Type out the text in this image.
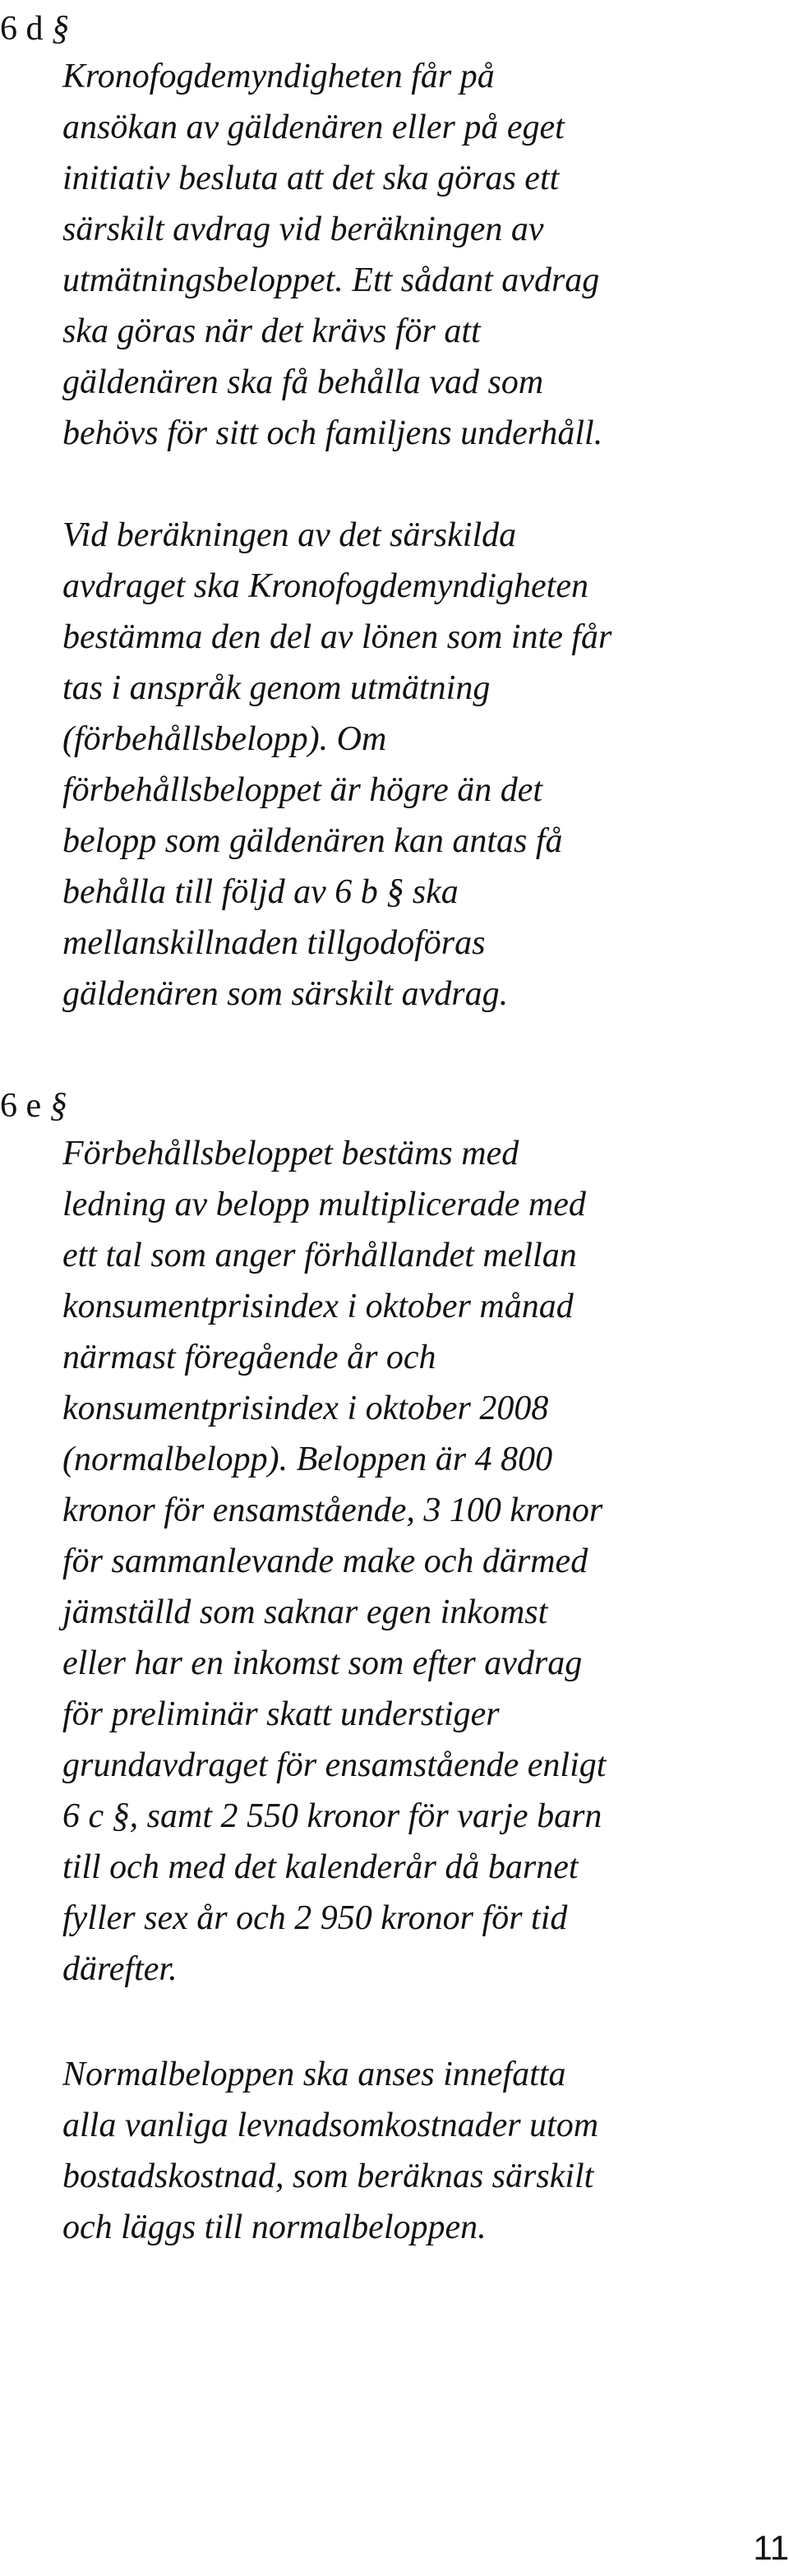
6 d §

Kronofogdemyndigheten får på
ansökan av gäldenären eller på eget
initiativ besluta att det ska göras ett
särskilt avdrag vid beräkningen av
utmätningsbeloppet. Ett sådant avdrag
ska göras när det krävs för att
gäldenären ska få behålla vad som
behövs för sitt och familjens underhåll.

Vid beräkningen av det särskilda
avdraget ska Kronofogdemyndigheten
bestämma den del av lönen som inte får
tas i anspråk genom utmätning
(förbehållsbelopp). Om
förbehållsbeloppet är högre än det
belopp som gäldenären kan antas få
behålla till följd av 6 b § ska
mellanskillnaden tillgodoföras
gäldenären som särskilt avdrag.

6 e §

Förbehållsbeloppet bestäms med
ledning av belopp multiplicerade med
ett tal som anger förhållandet mellan
konsumentprisindex i oktober månad
närmast föregående år och
konsumentprisindex i oktober 2008
(normalbelopp). Beloppen är 4 800
kronor för ensamstående, 3 100 kronor
för sammanlevande make och därmed
jämställd som saknar egen inkomst
eller har en inkomst som efter avdrag
för preliminär skatt understiger
grundavdraget för ensamstående enligt
6 c §, samt 2 550 kronor för varje barn
till och med det kalenderår då barnet
fyller sex år och 2 950 kronor för tid
därefter.

Normalbeloppen ska anses innefatta
alla vanliga levnadsomkostnader utom
bostadskostnad, som beräknas särskilt
och läggs till normalbeloppen.

11
